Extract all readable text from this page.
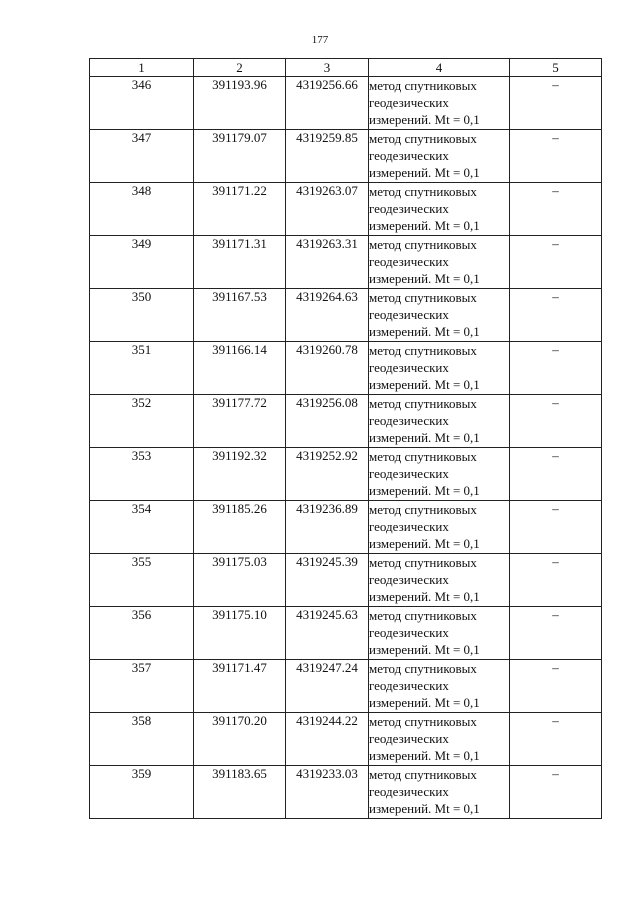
177
1	2	3	4	5
346	391193.96	4319256.66	метод спутниковых
геодезических
измерений. Mt = 0,1	–
347	391179.07	4319259.85	метод спутниковых
геодезических
измерений. Mt = 0,1	–
348	391171.22	4319263.07	метод спутниковых
геодезических
измерений. Mt = 0,1	–
349	391171.31	4319263.31	метод спутниковых
геодезических
измерений. Mt = 0,1	–
350	391167.53	4319264.63	метод спутниковых
геодезических
измерений. Mt = 0,1	–
351	391166.14	4319260.78	метод спутниковых
геодезических
измерений. Mt = 0,1	–
352	391177.72	4319256.08	метод спутниковых
геодезических
измерений. Mt = 0,1	–
353	391192.32	4319252.92	метод спутниковых
геодезических
измерений. Mt = 0,1	–
354	391185.26	4319236.89	метод спутниковых
геодезических
измерений. Mt = 0,1	–
355	391175.03	4319245.39	метод спутниковых
геодезических
измерений. Mt = 0,1	–
356	391175.10	4319245.63	метод спутниковых
геодезических
измерений. Mt = 0,1	–
357	391171.47	4319247.24	метод спутниковых
геодезических
измерений. Mt = 0,1	–
358	391170.20	4319244.22	метод спутниковых
геодезических
измерений. Mt = 0,1	–
359	391183.65	4319233.03	метод спутниковых
геодезических
измерений. Mt = 0,1	–
